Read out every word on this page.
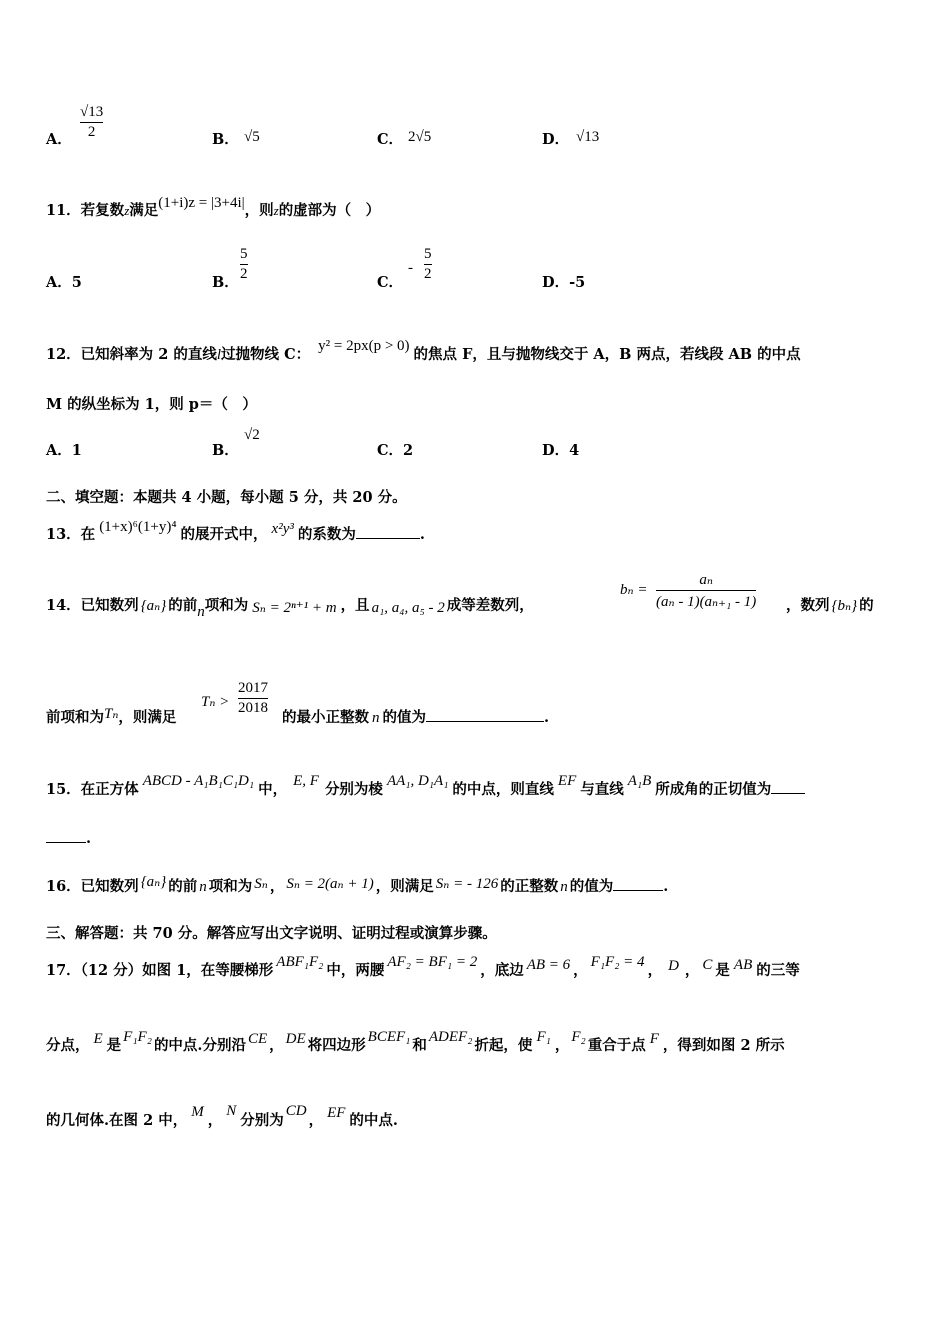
A．
√13
2	B． √5	C． 2√5	D． √13
11．若复数z满足(1+i)z = |3+4i|，则z的虚部为（　）
A．5	B．
5
2	C．
-
5
2	D．-5
12．已知斜率为 2 的直线l过抛物线 C： y² = 2px(p > 0) 的焦点 F，且与抛物线交于 A，B 两点，若线段 AB 的中点
M 的纵坐标为 1，则 p＝（　）
A．1	B．
√2
C．2	D．4
二、填空题：本题共 4 小题，每小题 5 分，共 20 分。
13．在 (1+x)⁶(1+y)⁴ 的展开式中， x²y³ 的系数为	.
14．已知数列 {aₙ} 的前n项和为 Sₙ = 2ⁿ⁺¹ + m ，且 a₁, a₄, a₅ - 2 成等差数列，
bₙ =
aₙ
(aₙ - 1)(aₙ₊₁ - 1) ，数列 {bₙ} 的
前项和为Tₙ，则满足
Tₙ >
2017
2018
的最小正整数 n 的值为	.
15．在正方体 ABCD - A₁B₁C₁D₁ 中， E, F 分别为棱 AA₁, D₁A₁ 的中点，则直线 EF 与直线 A₁B 所成角的正切值为
.
16．已知数列 {aₙ} 的前 n 项和为 Sₙ ， Sₙ = 2(aₙ + 1) ，则满足 Sₙ = - 126 的正整数 n 的值为	.
三、解答题：共 70 分。解答应写出文字说明、证明过程或演算步骤。
17．（12 分）如图 1，在等腰梯形 ABF₁F₂ 中，两腰 AF₂ = BF₁ = 2 ，底边 AB = 6 ， F₁F₂ = 4 ， D ， C 是 AB 的三等
分点， E 是 F₁F₂ 的中点.分别沿 CE ， DE 将四边形 BCEF₁ 和 ADEF₂ 折起，使 F₁ ， F₂ 重合于点 F ，得到如图 2 所示
的几何体.在图 2 中， M ，N分别为CD， EF 的中点.
